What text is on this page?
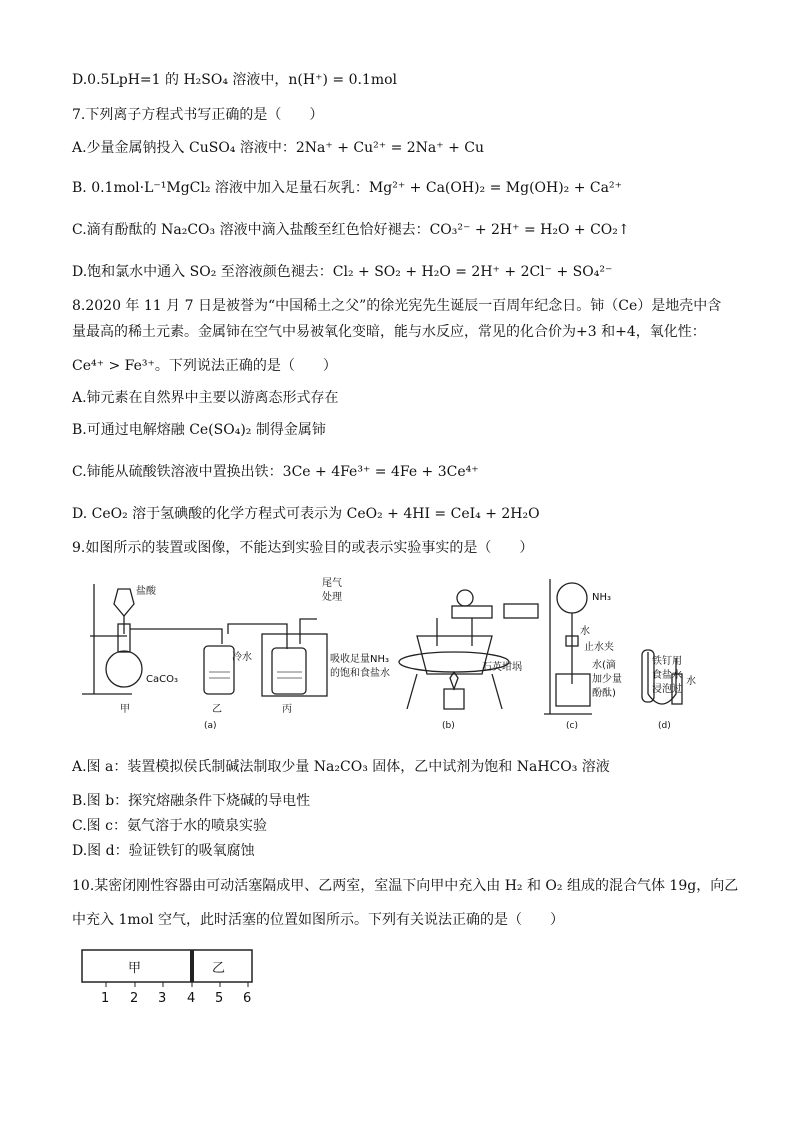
D.0.5LpH=1 的 H₂SO₄ 溶液中，n(H⁺) = 0.1mol
7.下列离子方程式书写正确的是（　　）
A.少量金属钠投入 CuSO₄ 溶液中：2Na⁺ + Cu²⁺ = 2Na⁺ + Cu
B. 0.1mol·L⁻¹MgCl₂ 溶液中加入足量石灰乳：Mg²⁺ + Ca(OH)₂ = Mg(OH)₂ + Ca²⁺
C.滴有酚酞的 Na₂CO₃ 溶液中滴入盐酸至红色恰好褪去：CO₃²⁻ + 2H⁺ = H₂O + CO₂↑
D.饱和氯水中通入 SO₂ 至溶液颜色褪去：Cl₂ + SO₂ + H₂O = 2H⁺ + 2Cl⁻ + SO₄²⁻
8.2020 年 11 月 7 日是被誉为“中国稀土之父”的徐光宪先生诞辰一百周年纪念日。铈（Ce）是地壳中含
量最高的稀土元素。金属铈在空气中易被氧化变暗，能与水反应，常见的化合价为+3 和+4，氧化性：
Ce⁴⁺ > Fe³⁺。下列说法正确的是（　　）
A.铈元素在自然界中主要以游离态形式存在
B.可通过电解熔融 Ce(SO₄)₂ 制得金属铈
C.铈能从硫酸铁溶液中置换出铁：3Ce + 4Fe³⁺ = 4Fe + 3Ce⁴⁺
D. CeO₂ 溶于氢碘酸的化学方程式可表示为 CeO₂ + 4HI = CeI₄ + 2H₂O
9.如图所示的装置或图像，不能达到实验目的或表示实验事实的是（　　）
盐酸
CaCO₃
尾气
处理
冷水	吸收足量NH₃
的饱和食盐水
甲	乙	丙
(a)
石英坩埚
(b)
NH₃
水
止水夹
水(滴
加少量
酚酞)
(c)
铁钉用
食盐水
浸泡过
水
(d)
A.图 a：装置模拟侯氏制碱法制取少量 Na₂CO₃ 固体，乙中试剂为饱和 NaHCO₃ 溶液
B.图 b：探究熔融条件下烧碱的导电性
C.图 c：氨气溶于水的喷泉实验
D.图 d：验证铁钉的吸氧腐蚀
10.某密闭刚性容器由可动活塞隔成甲、乙两室，室温下向甲中充入由 H₂ 和 O₂ 组成的混合气体 19g，向乙
中充入 1mol 空气，此时活塞的位置如图所示。下列有关说法正确的是（　　）
甲	乙
1 2 3 4 5 6
